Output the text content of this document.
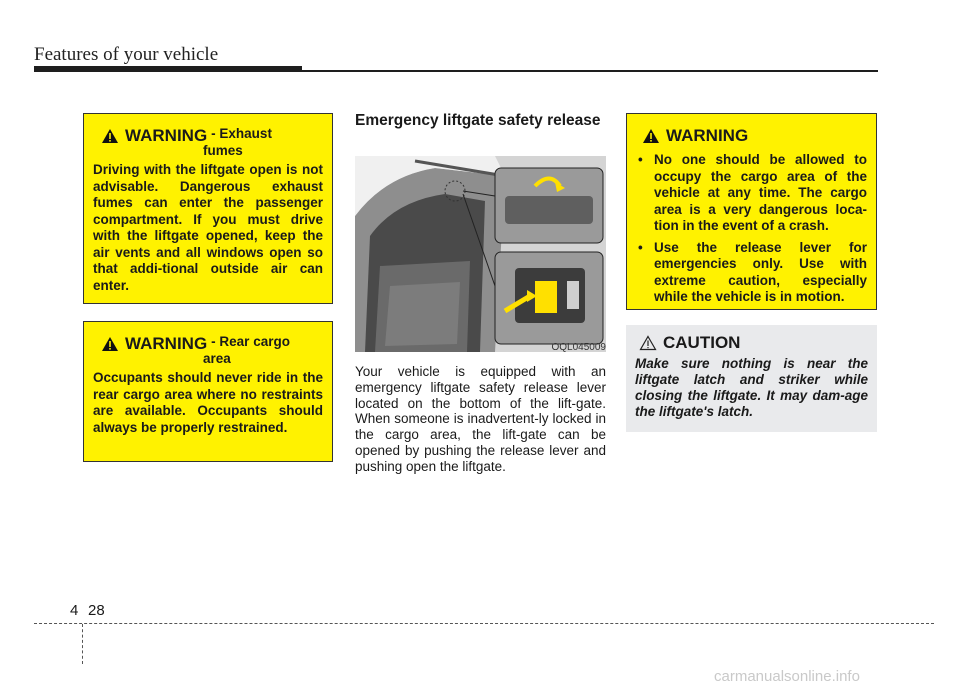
Features of your vehicle
WARNING - Exhaust
fumes
Driving with the liftgate open is not advisable. Dangerous exhaust fumes can enter the passenger compartment. If you must drive with the liftgate opened, keep the air vents and all windows open so that addi-tional outside air can enter.
WARNING - Rear cargo
area
Occupants should never ride in the rear cargo area where no restraints are available. Occupants should always be properly restrained.
Emergency liftgate safety release
OQL045009
Your vehicle is equipped with an emergency liftgate safety release lever located on the bottom of the lift-gate. When someone is inadvertent-ly locked in the cargo area, the lift-gate can be opened by pushing the release lever and pushing open the liftgate.
WARNING
• No one should be allowed to occupy the cargo area of the vehicle at any time. The cargo area is a very dangerous loca-tion in the event of a crash.
• Use the release lever for emergencies only. Use with extreme caution, especially while the vehicle is in motion.
CAUTION
Make sure nothing is near the liftgate latch and striker while closing the liftgate. It may dam-age the liftgate's latch.
4 28
carmanualsonline.info
